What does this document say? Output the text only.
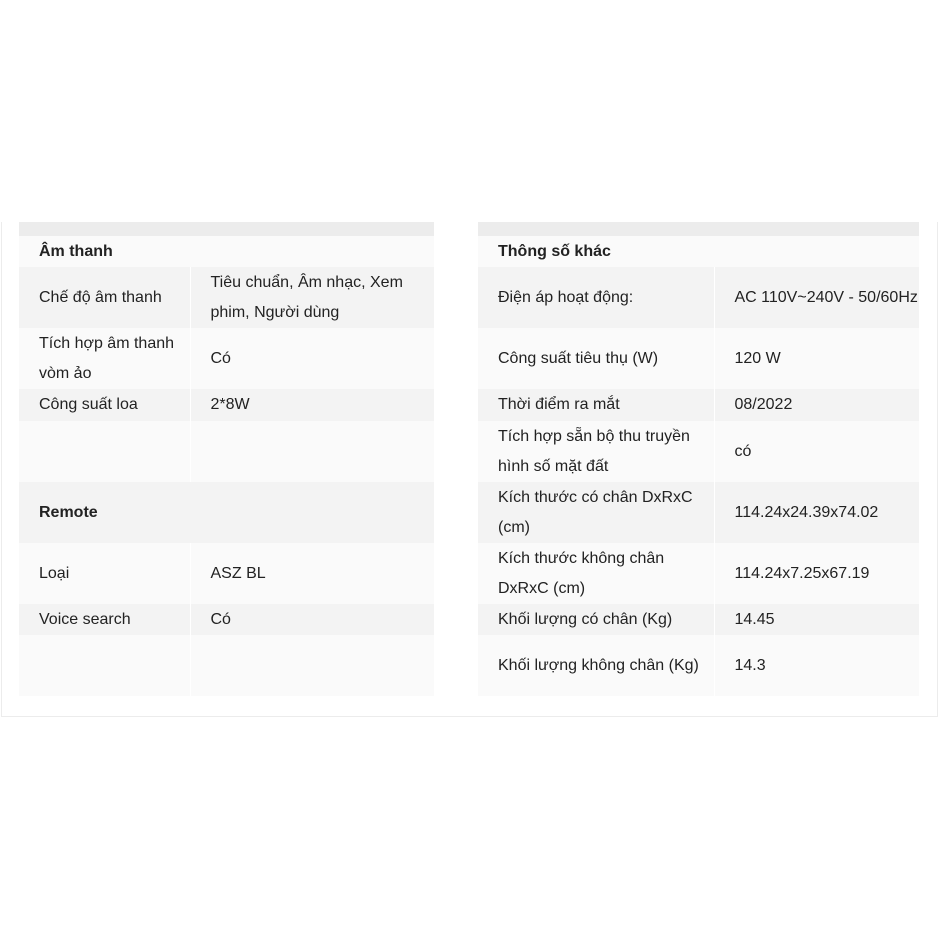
Âm thanh	
Chế độ âm thanh	Tiêu chuẩn, Âm nhạc, Xem phim, Người dùng
Tích hợp âm thanh vòm ảo	Có
Công suất loa	2*8W

Remote	
Loại	ASZ BL
Voice search	Có

Thông số khác	
Điện áp hoạt động:	AC 110V~240V - 50/60Hz
Công suất tiêu thụ (W)	120 W
Thời điểm ra mắt	08/2022
Tích hợp sẵn bộ thu truyền hình số mặt đất	có
Kích thước có chân DxRxC (cm)	114.24x24.39x74.02
Kích thước không chân DxRxC (cm)	114.24x7.25x67.19
Khối lượng có chân (Kg)	14.45
Khối lượng không chân (Kg)	14.3
